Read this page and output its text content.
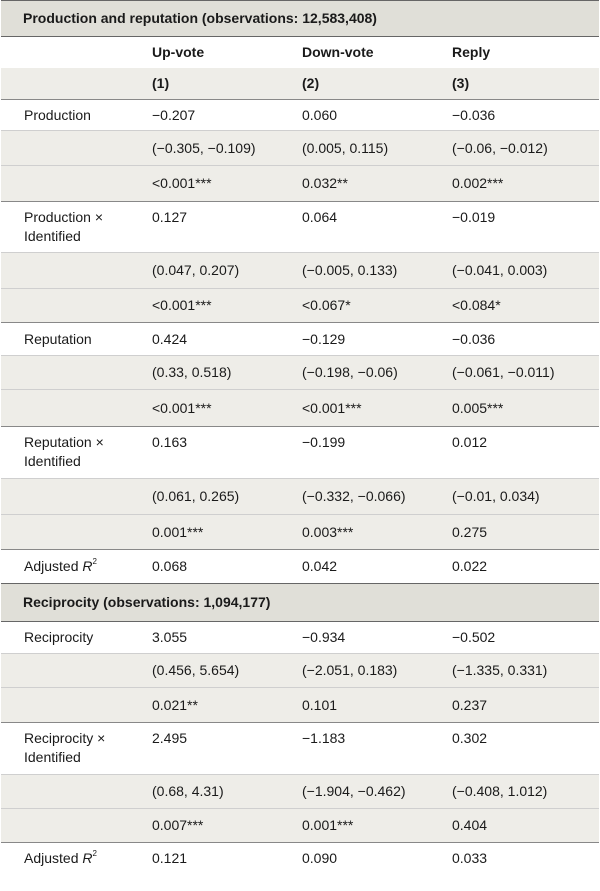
Production and reputation (observations: 12,583,408)			
	Up-vote	Down-vote	Reply
	(1)	(2)	(3)
Production	−0.207	0.060	−0.036
	(−0.305, −0.109)	(0.005, 0.115)	(−0.06, −0.012)
	<0.001***	0.032**	0.002***

Production ×
Identified	0.127	0.064	−0.019
	(0.047, 0.207)	(−0.005, 0.133)	(−0.041, 0.003)
	<0.001***	<0.067*	<0.084*
Reputation	0.424	−0.129	−0.036
	(0.33, 0.518)	(−0.198, −0.06)	(−0.061, −0.011)
	<0.001***	<0.001***	0.005***

Reputation ×
Identified	0.163	−0.199	0.012
	(0.061, 0.265)	(−0.332, −0.066)	(−0.01, 0.034)
	0.001***	0.003***	0.275
Adjusted $R^2$	0.068	0.042	0.022
Reciprocity (observations: 1,094,177)			
Reciprocity	3.055	−0.934	−0.502
	(0.456, 5.654)	(−2.051, 0.183)	(−1.335, 0.331)
	0.021**	0.101	0.237

Reciprocity ×
Identified	2.495	−1.183	0.302
	(0.68, 4.31)	(−1.904, −0.462)	(−0.408, 1.012)
	0.007***	0.001***	0.404
Adjusted $R^2$	0.121	0.090	0.033
